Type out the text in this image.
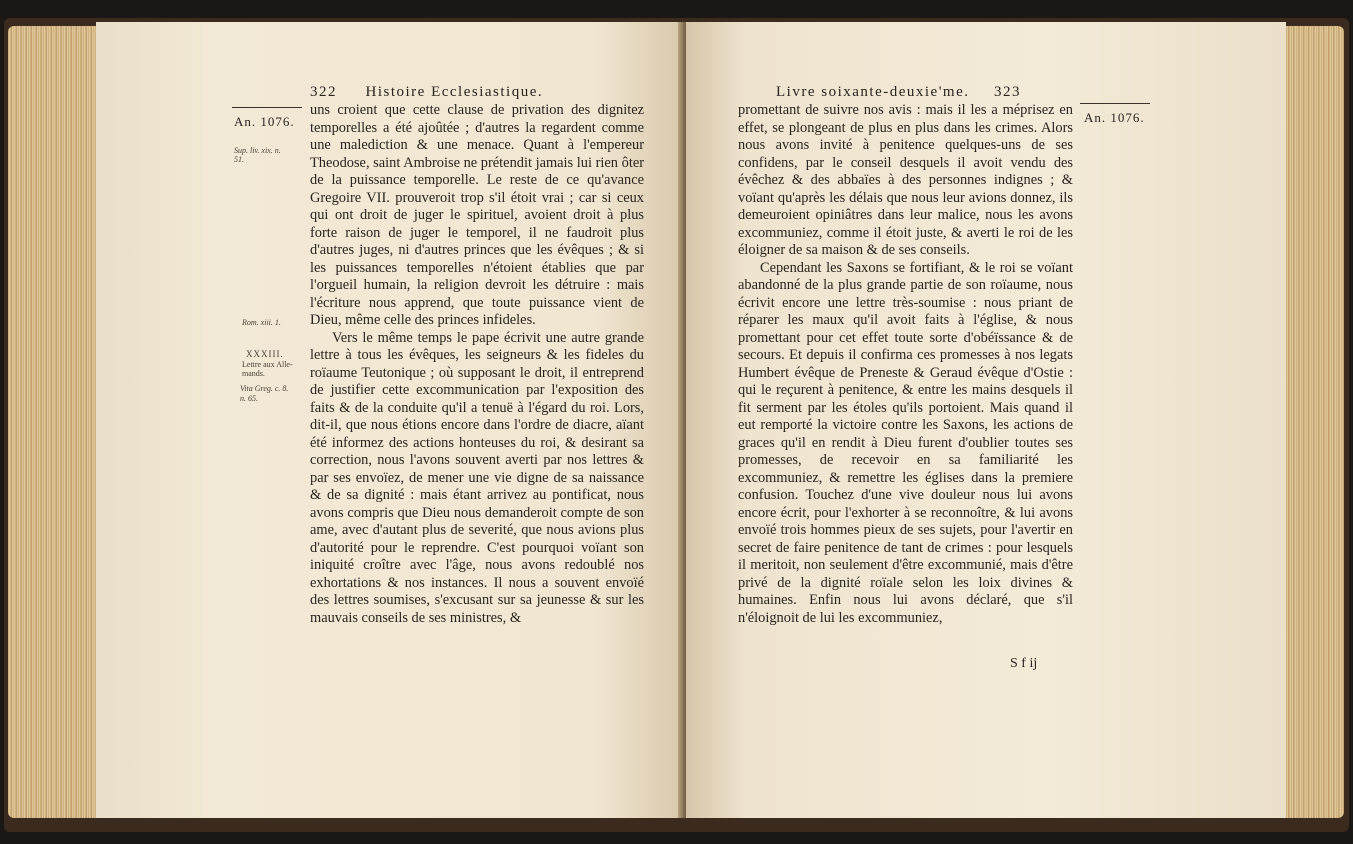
322 Histoire Ecclesiastique.
An. 1076.
Sup. liv. xix. n.
51.
Rom. xiii. 1.
XXXIII.
Lettre aux Alle-
mands.
Vita Greg. c. 8.
n. 65.

uns croient que cette clause de privation des dignitez temporelles a été ajoûtée ; d'autres la regardent comme une malediction & une menace. Quant à l'empereur Theodose, saint Ambroise ne prétendit jamais lui rien ôter de la puissance temporelle. Le reste de ce qu'avance Gregoire VII. prouveroit trop s'il étoit vrai ; car si ceux qui ont droit de juger le spirituel, avoient droit à plus forte raison de juger le temporel, il ne faudroit plus d'autres juges, ni d'autres princes que les évêques ; & si les puissances temporelles n'étoient établies que par l'orgueil humain, la religion devroit les détruire : mais l'écriture nous apprend, que toute puissance vient de Dieu, même celle des princes infideles.

Vers le même temps le pape écrivit une autre grande lettre à tous les évêques, les seigneurs & les fideles du roïaume Teutonique ; où supposant le droit, il entreprend de justifier cette excommunication par l'exposition des faits & de la conduite qu'il a tenuë à l'égard du roi. Lors, dit-il, que nous étions encore dans l'ordre de diacre, aïant été informez des actions honteuses du roi, & desirant sa correction, nous l'avons souvent averti par nos lettres & par ses envoïez, de mener une vie digne de sa naissance & de sa dignité : mais étant arrivez au pontificat, nous avons compris que Dieu nous demanderoit compte de son ame, avec d'autant plus de severité, que nous avions plus d'autorité pour le reprendre. C'est pourquoi voïant son iniquité croître avec l'âge, nous avons redoublé nos exhortations & nos instances. Il nous a souvent envoïé des lettres soumises, s'excusant sur sa jeunesse & sur les mauvais conseils de ses ministres, &

Livre soixante-deuxie'me. 323
An. 1076.

promettant de suivre nos avis : mais il les a méprisez en effet, se plongeant de plus en plus dans les crimes. Alors nous avons invité à penitence quelques-uns de ses confidens, par le conseil desquels il avoit vendu des évêchez & des abbaïes à des personnes indignes ; & voïant qu'après les délais que nous leur avions donnez, ils demeuroient opiniâtres dans leur malice, nous les avons excommuniez, comme il étoit juste, & averti le roi de les éloigner de sa maison & de ses conseils.

Cependant les Saxons se fortifiant, & le roi se voïant abandonné de la plus grande partie de son roïaume, nous écrivit encore une lettre très-soumise : nous priant de réparer les maux qu'il avoit faits à l'église, & nous promettant pour cet effet toute sorte d'obéïssance & de secours. Et depuis il confirma ces promesses à nos legats Humbert évêque de Preneste & Geraud évêque d'Ostie : qui le reçurent à penitence, & entre les mains desquels il fit serment par les étoles qu'ils portoient. Mais quand il eut remporté la victoire contre les Saxons, les actions de graces qu'il en rendit à Dieu furent d'oublier toutes ses promesses, de recevoir en sa familiarité les excommuniez, & remettre les églises dans la premiere confusion. Touchez d'une vive douleur nous lui avons encore écrit, pour l'exhorter à se reconnoître, & lui avons envoïé trois hommes pieux de ses sujets, pour l'avertir en secret de faire penitence de tant de crimes : pour lesquels il meritoit, non seulement d'être excommunié, mais d'être privé de la dignité roïale selon les loix divines & humaines. Enfin nous lui avons déclaré, que s'il n'éloignoit de lui les excommuniez,

S f ij
